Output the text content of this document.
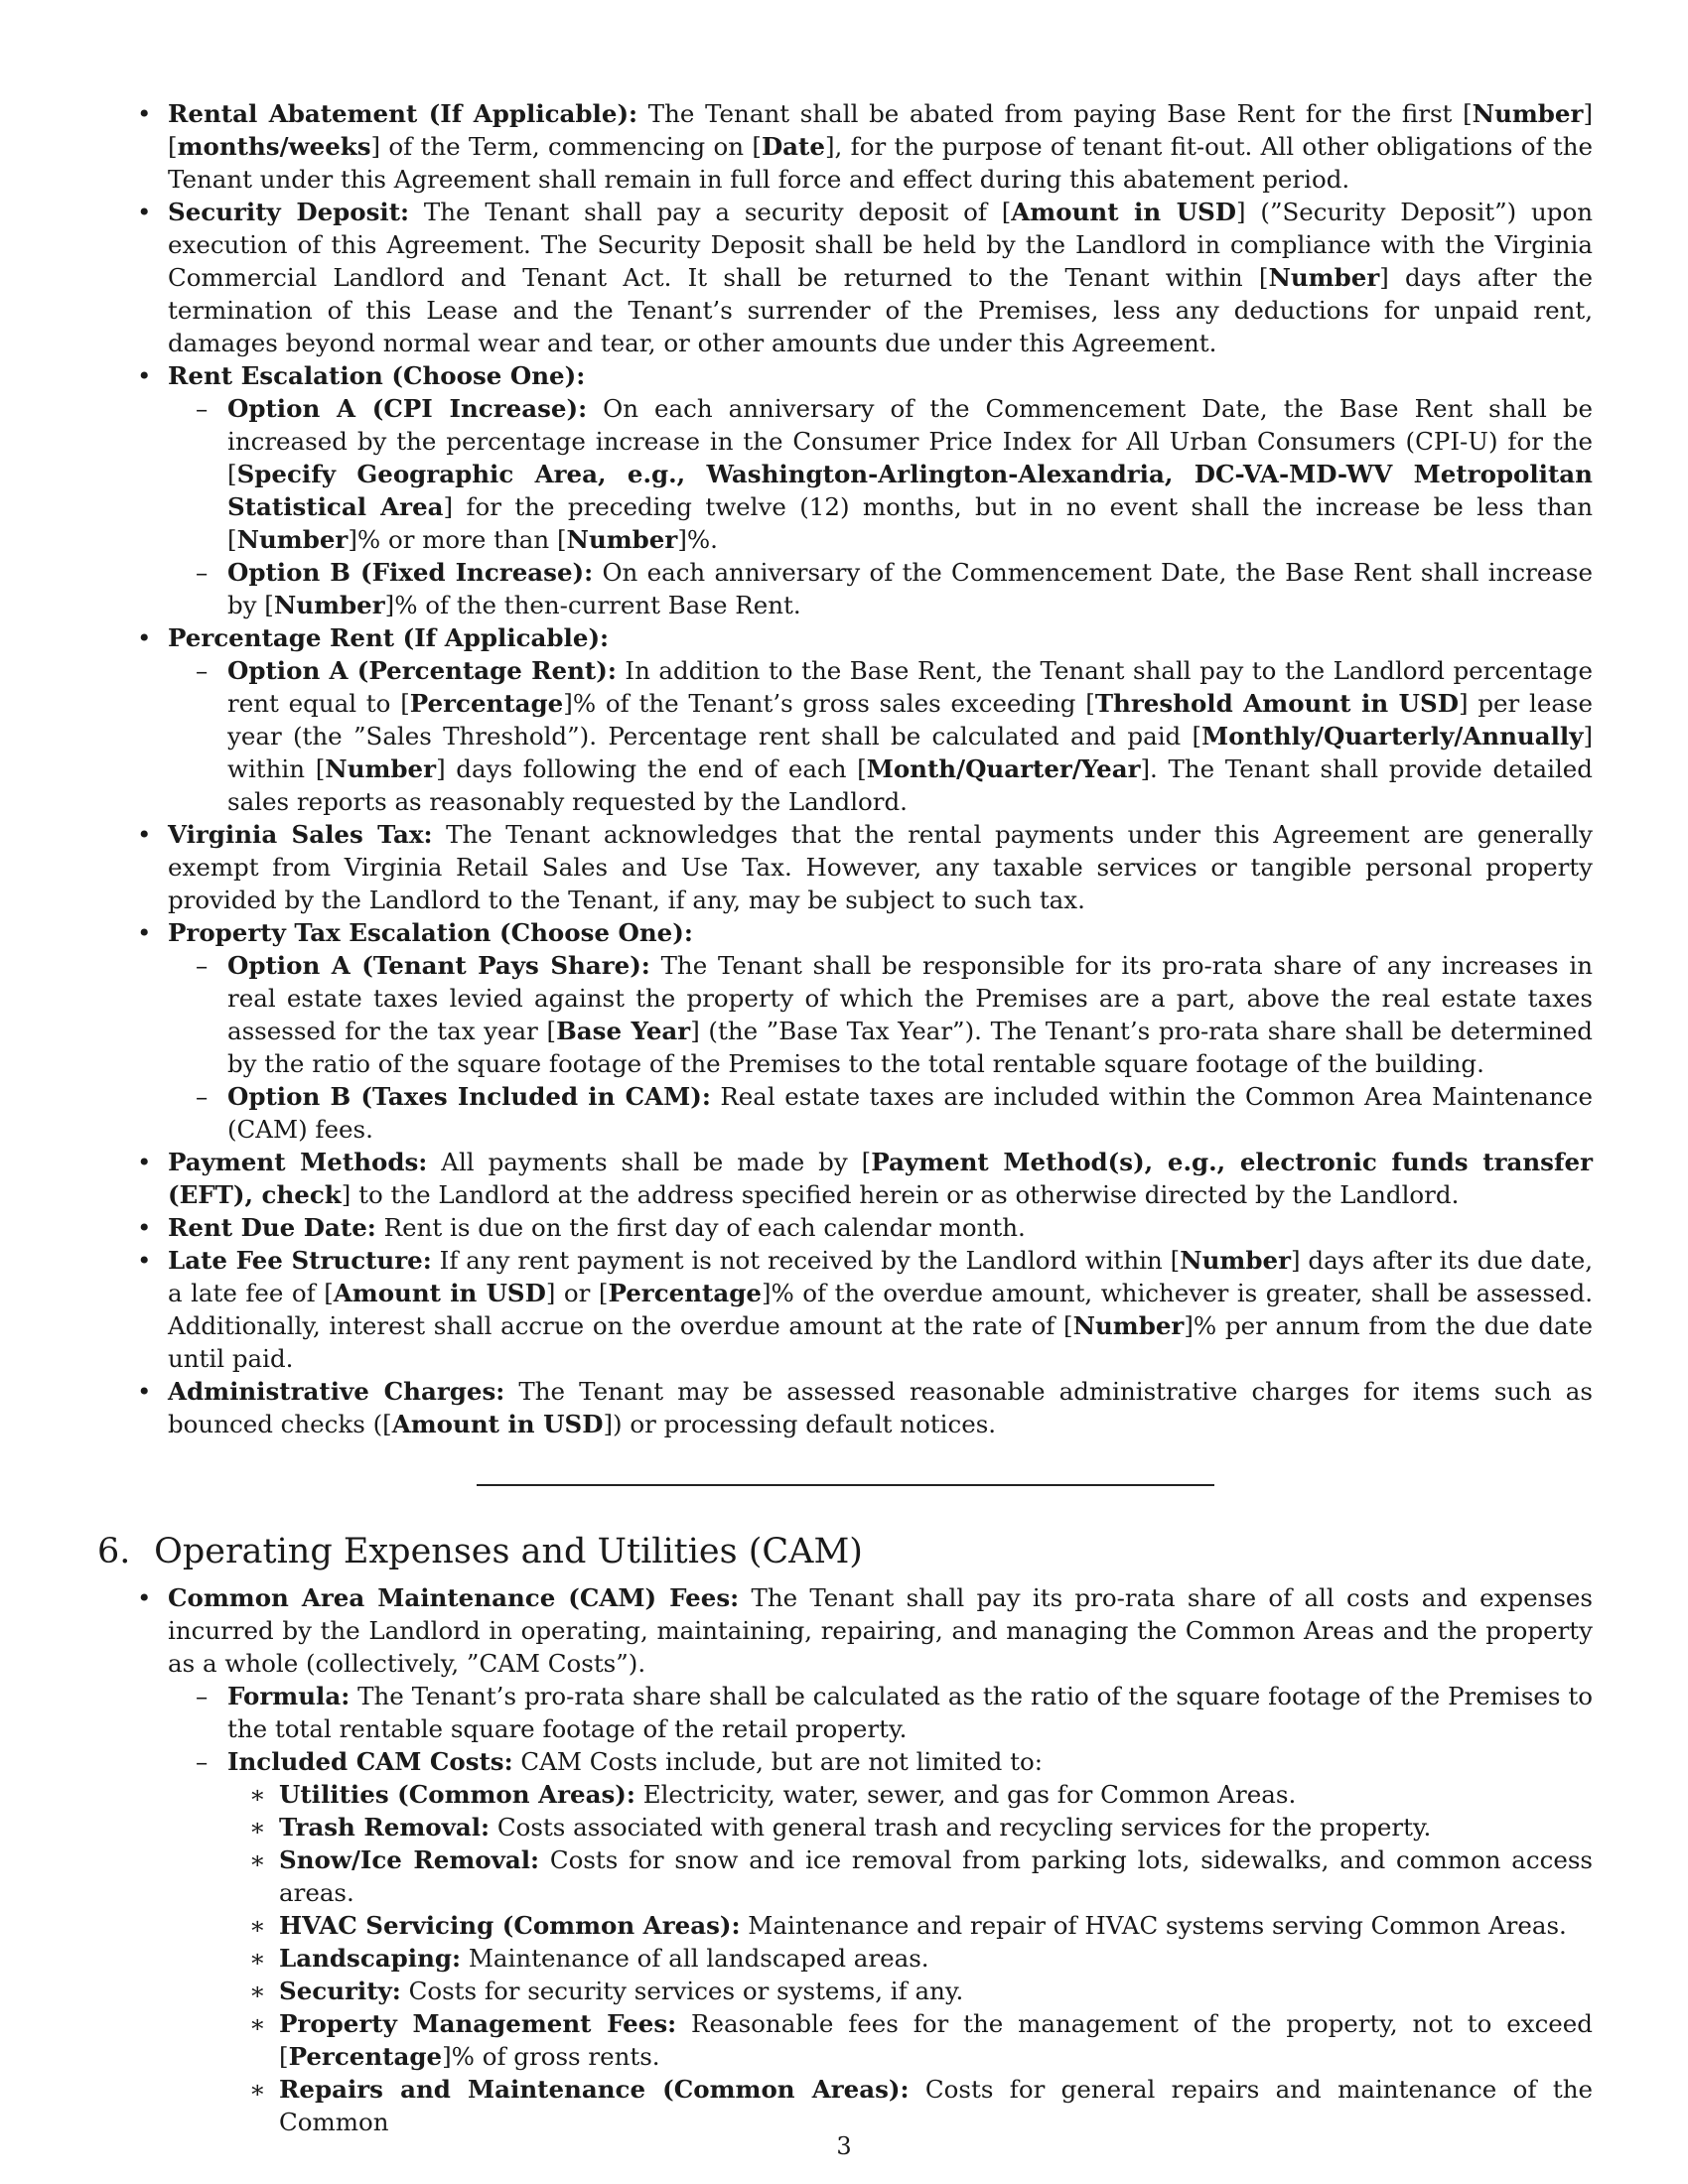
• Rental Abatement (If Applicable): The Tenant shall be abated from paying Base Rent for the first [Number] [months/weeks] of the Term, commencing on [Date], for the purpose of tenant fit-out. All other obligations of the Tenant under this Agreement shall remain in full force and effect during this abatement period.
• Security Deposit: The Tenant shall pay a security deposit of [Amount in USD] (”Security Deposit”) upon execution of this Agreement. The Security Deposit shall be held by the Landlord in compliance with the Virginia Commercial Landlord and Tenant Act. It shall be returned to the Tenant within [Number] days after the termination of this Lease and the Tenant’s surrender of the Premises, less any deductions for unpaid rent, damages beyond normal wear and tear, or other amounts due under this Agreement.
• Rent Escalation (Choose One):
– Option A (CPI Increase): On each anniversary of the Commencement Date, the Base Rent shall be increased by the percentage increase in the Consumer Price Index for All Urban Consumers (CPI-U) for the [Specify Geographic Area, e.g., Washington-Arlington-Alexandria, DC-VA-MD-WV Metropolitan Statistical Area] for the preceding twelve (12) months, but in no event shall the increase be less than [Number]% or more than [Number]%.
– Option B (Fixed Increase): On each anniversary of the Commencement Date, the Base Rent shall increase by [Number]% of the then-current Base Rent.
• Percentage Rent (If Applicable):
– Option A (Percentage Rent): In addition to the Base Rent, the Tenant shall pay to the Landlord percentage rent equal to [Percentage]% of the Tenant’s gross sales exceeding [Threshold Amount in USD] per lease year (the ”Sales Threshold”). Percentage rent shall be calculated and paid [Monthly/Quarterly/Annually] within [Number] days following the end of each [Month/Quarter/Year]. The Tenant shall provide detailed sales reports as reasonably requested by the Landlord.
• Virginia Sales Tax: The Tenant acknowledges that the rental payments under this Agreement are generally exempt from Virginia Retail Sales and Use Tax. However, any taxable services or tangible personal property provided by the Landlord to the Tenant, if any, may be subject to such tax.
• Property Tax Escalation (Choose One):
– Option A (Tenant Pays Share): The Tenant shall be responsible for its pro-rata share of any increases in real estate taxes levied against the property of which the Premises are a part, above the real estate taxes assessed for the tax year [Base Year] (the ”Base Tax Year”). The Tenant’s pro-rata share shall be determined by the ratio of the square footage of the Premises to the total rentable square footage of the building.
– Option B (Taxes Included in CAM): Real estate taxes are included within the Common Area Maintenance (CAM) fees.
• Payment Methods: All payments shall be made by [Payment Method(s), e.g., electronic funds transfer (EFT), check] to the Landlord at the address specified herein or as otherwise directed by the Landlord.
• Rent Due Date: Rent is due on the first day of each calendar month.
• Late Fee Structure: If any rent payment is not received by the Landlord within [Number] days after its due date, a late fee of [Amount in USD] or [Percentage]% of the overdue amount, whichever is greater, shall be assessed. Additionally, interest shall accrue on the overdue amount at the rate of [Number]% per annum from the due date until paid.
• Administrative Charges: The Tenant may be assessed reasonable administrative charges for items such as bounced checks ([Amount in USD]) or processing default notices.
6. Operating Expenses and Utilities (CAM)
• Common Area Maintenance (CAM) Fees: The Tenant shall pay its pro-rata share of all costs and expenses incurred by the Landlord in operating, maintaining, repairing, and managing the Common Areas and the property as a whole (collectively, ”CAM Costs”).
– Formula: The Tenant’s pro-rata share shall be calculated as the ratio of the square footage of the Premises to the total rentable square footage of the retail property.
– Included CAM Costs: CAM Costs include, but are not limited to:
∗ Utilities (Common Areas): Electricity, water, sewer, and gas for Common Areas.
∗ Trash Removal: Costs associated with general trash and recycling services for the property.
∗ Snow/Ice Removal: Costs for snow and ice removal from parking lots, sidewalks, and common access areas.
∗ HVAC Servicing (Common Areas): Maintenance and repair of HVAC systems serving Common Areas.
∗ Landscaping: Maintenance of all landscaped areas.
∗ Security: Costs for security services or systems, if any.
∗ Property Management Fees: Reasonable fees for the management of the property, not to exceed [Percentage]% of gross rents.
∗ Repairs and Maintenance (Common Areas): Costs for general repairs and maintenance of the Common
3
